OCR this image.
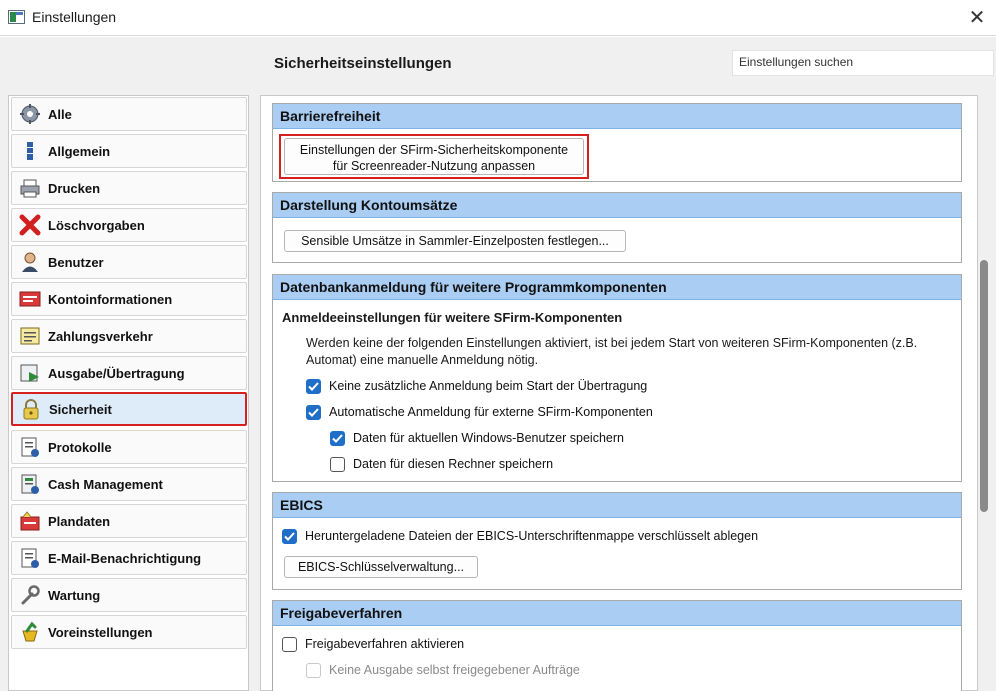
Einstellungen	✕
Sicherheitseinstellungen	Einstellungen suchen
Alle
Allgemein
Drucken
Löschvorgaben
Benutzer
Kontoinformationen
Zahlungsverkehr
Ausgabe/Übertragung
Sicherheit
Protokolle
Cash Management
Plandaten
E-Mail-Benachrichtigung
Wartung
Voreinstellungen
Barrierefreiheit
Einstellungen der SFirm-Sicherheitskomponente
für Screenreader-Nutzung anpassen
Darstellung Kontoumsätze
Sensible Umsätze in Sammler-Einzelposten festlegen...
Datenbankanmeldung für weitere Programmkomponenten
Anmeldeeinstellungen für weitere SFirm-Komponenten
Werden keine der folgenden Einstellungen aktiviert, ist bei jedem Start von weiteren SFirm-Komponenten (z.B.
Automat) eine manuelle Anmeldung nötig.
Keine zusätzliche Anmeldung beim Start der Übertragung
Automatische Anmeldung für externe SFirm-Komponenten
Daten für aktuellen Windows-Benutzer speichern
Daten für diesen Rechner speichern
EBICS
Heruntergeladene Dateien der EBICS-Unterschriftenmappe verschlüsselt ablegen
EBICS-Schlüsselverwaltung...
Freigabeverfahren
Freigabeverfahren aktivieren
Keine Ausgabe selbst freigegebener Aufträge
